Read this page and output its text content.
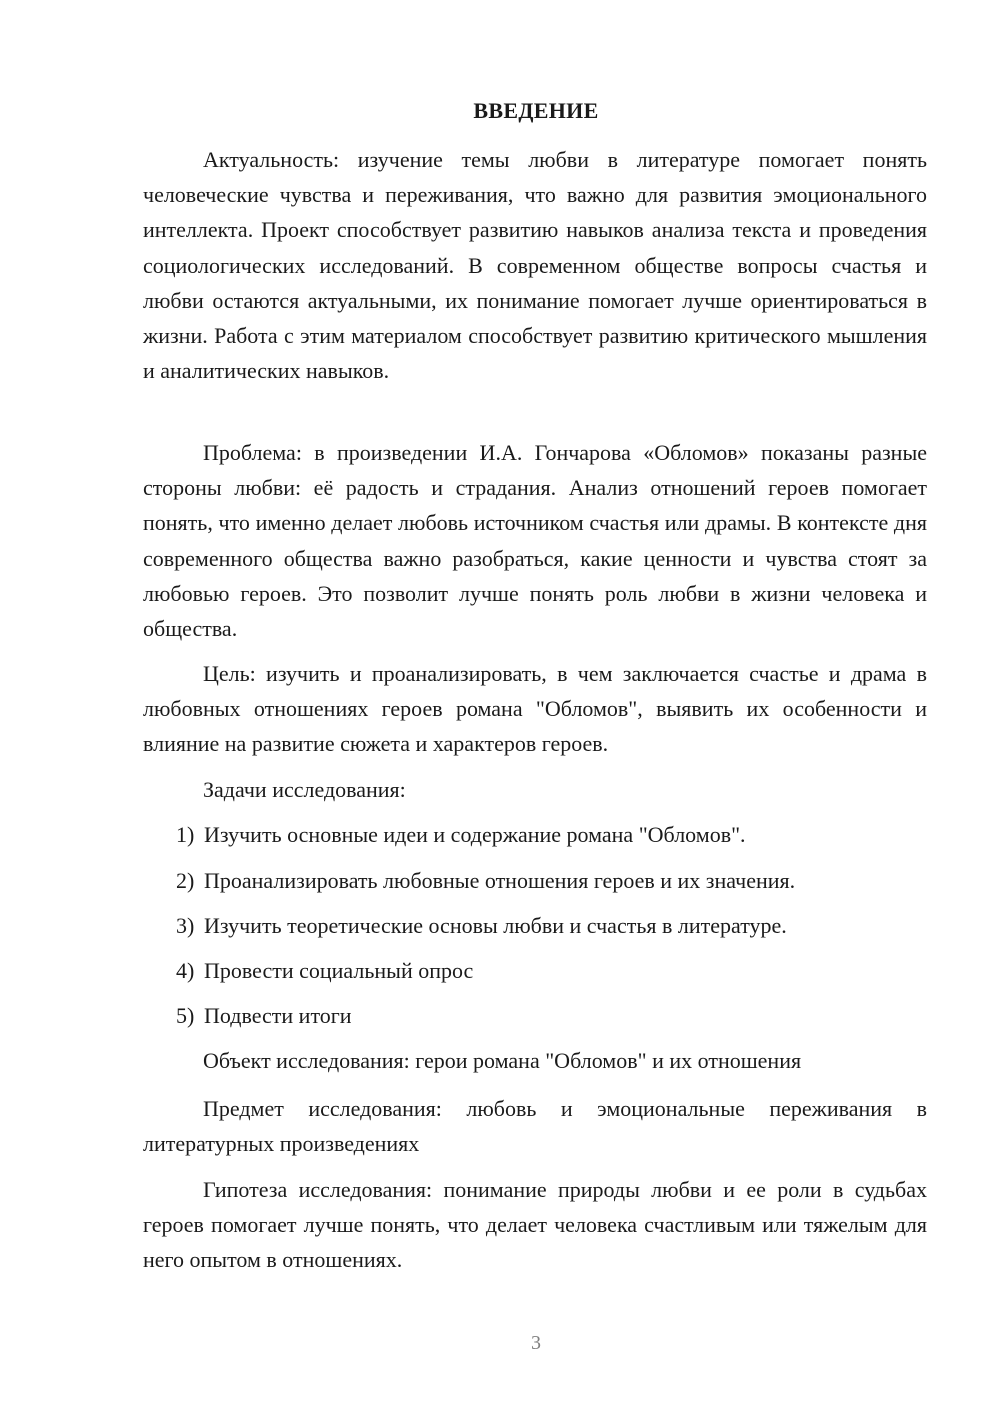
ВВЕДЕНИЕ

Актуальность: изучение темы любви в литературе помогает понять человеческие чувства и переживания, что важно для развития эмоционального интеллекта. Проект способствует развитию навыков анализа текста и проведения социологических исследований. В современном обществе вопросы счастья и любви остаются актуальными, их понимание помогает лучше ориентироваться в жизни. Работа с этим материалом способствует развитию критического мышления и аналитических навыков.

Проблема: в произведении И.А. Гончарова «Обломов» показаны разные стороны любви: её радость и страдания. Анализ отношений героев помогает понять, что именно делает любовь источником счастья или драмы. В контексте дня современного общества важно разобраться, какие ценности и чувства стоят за любовью героев. Это позволит лучше понять роль любви в жизни человека и общества.

Цель: изучить и проанализировать, в чем заключается счастье и драма в любовных отношениях героев романа "Обломов", выявить их особенности и влияние на развитие сюжета и характеров героев.

Задачи исследования:

1) Изучить основные идеи и содержание романа "Обломов".
2) Проанализировать любовные отношения героев и их значения.
3) Изучить теоретические основы любви и счастья в литературе.
4) Провести социальный опрос
5) Подвести итоги

Объект исследования: герои романа "Обломов" и их отношения

Предмет исследования: любовь и эмоциональные переживания в литературных произведениях

Гипотеза исследования: понимание природы любви и ее роли в судьбах героев помогает лучше понять, что делает человека счастливым или тяжелым для него опытом в отношениях.

3
